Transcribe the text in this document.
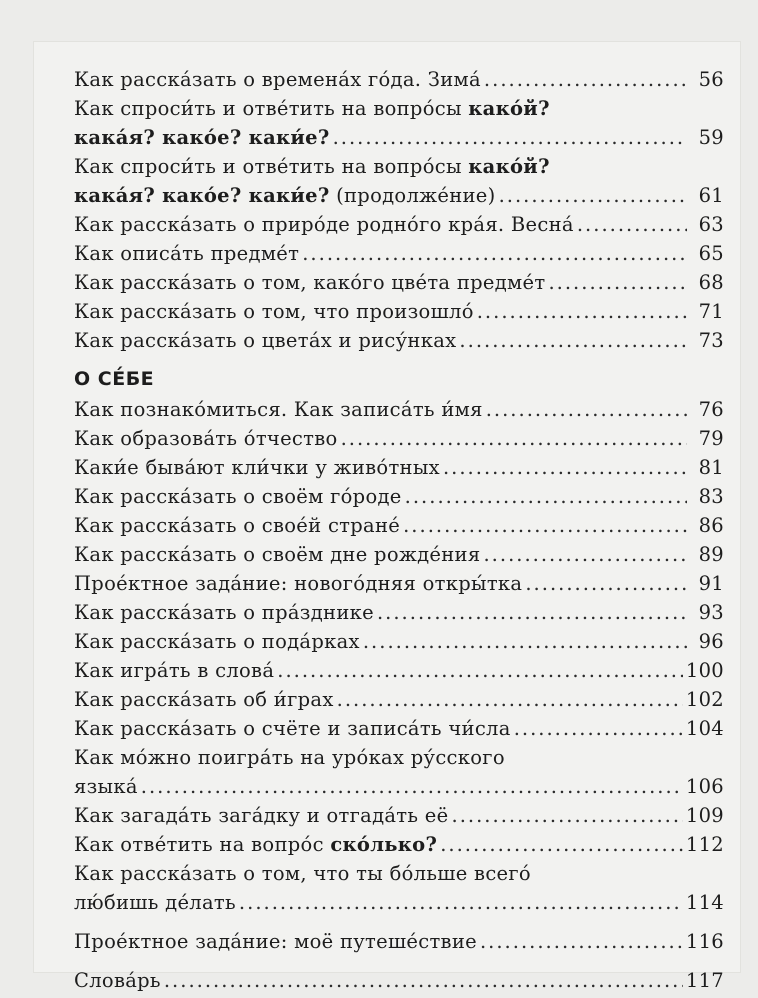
Как расска́зать о времена́х го́да. Зима́ .....	56
Как спроси́ть и отве́тить на вопро́сы како́й?
кака́я? како́е? каки́е? .....	59
Как спроси́ть и отве́тить на вопро́сы како́й?
кака́я? како́е? каки́е? (продолже́ние) .....	61
Как расска́зать о приро́де родно́го кра́я. Весна́ .....	63
Как описа́ть предме́т .....	65
Как расска́зать о том, како́го цве́та предме́т .....	68
Как расска́зать о том, что произошло́ .....	71
Как расска́зать о цвета́х и рису́нках .....	73
О СЕ́БЕ
Как познако́миться. Как записа́ть и́мя .....	76
Как образова́ть о́тчество .....	79
Каки́е быва́ют кли́чки у живо́тных .....	81
Как расска́зать о своём го́роде .....	83
Как расска́зать о свое́й стране́ .....	86
Как расска́зать о своём дне рожде́ния .....	89
Прое́ктное зада́ние: новогóдняя откры́тка .....	91
Как расска́зать о пра́зднике .....	93
Как расска́зать о пода́рках .....	96
Как игра́ть в слова́ .....	100
Как расска́зать об и́грах .....	102
Как расска́зать о счёте и записа́ть чи́сла .....	104
Как мо́жно поигра́ть на уро́ках ру́сского
языка́ .....	106
Как загада́ть зага́дку и отгада́ть её .....	109
Как отве́тить на вопро́с ско́лько? .....	112
Как расска́зать о том, что ты бо́льше всего́
лю́бишь де́лать .....	114
Прое́ктное зада́ние: моё путеше́ствие .....	116
Слова́рь .....	117
